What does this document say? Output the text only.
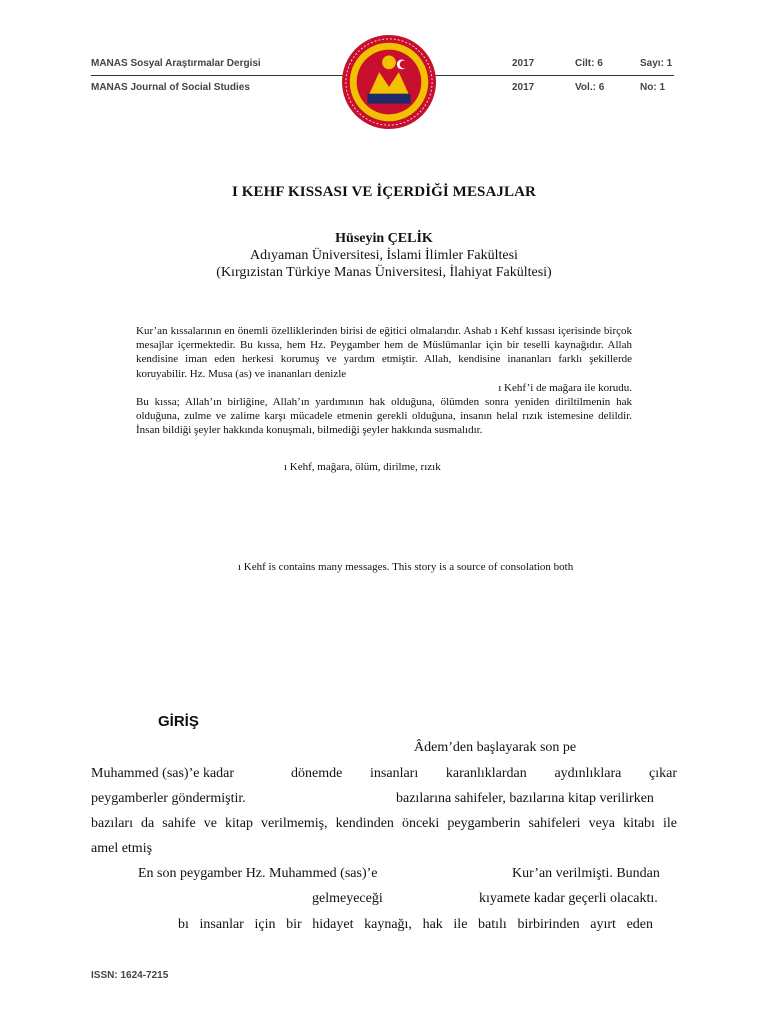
MANAS Sosyal Araştırmalar Dergisi	2017	Cilt: 6	Sayı: 1
MANAS Journal of Social Studies	2017	Vol.: 6	No: 1
I KEHF KISSASI VE İÇERDİĞİ MESAJLAR
Hüseyin ÇELİK
Adıyaman Üniversitesi, İslami İlimler Fakültesi
(Kırgızistan Türkiye Manas Üniversitesi, İlahiyat Fakültesi)

Kur’an kıssalarının en önemli özelliklerinden birisi de eğitici olmalarıdır. Ashab ı Kehf kıssası içerisinde birçok mesajlar içermektedir. Bu kıssa, hem Hz. Peygamber hem de Müslümanlar için bir teselli kaynağıdır. Allah kendisine iman eden herkesi korumuş ve yardım etmiştir. Allah, kendisine inananları farklı şekillerde koruyabilir. Hz. Musa (as) ve inananları denizle

ı Kehf’i de mağara ile korudu.

Bu kıssa; Allah’ın birliğine, Allah’ın yardımının hak olduğuna, ölümden sonra yeniden diriltilmenin hak olduğuna, zulme ve zalime karşı mücadele etmenin gerekli olduğuna, insanın helal rızık istemesine delildir. İnsan bildiği şeyler hakkında konuşmalı, bilmediği şeyler hakkında susmalıdır.

ı Kehf, mağara, ölüm, dirilme, rızık
ı Kehf is contains many messages. This story is a source of consolation both
GİRİŞ
Âdem’den başlayarak son pe
Muhammed (sas)’e kadar	dönemde insanları karanlıklardan aydınlıklara çıkar
peygamberler göndermiştir.	bazılarına sahifeler, bazılarına kitap verilirken
bazıları da sahife ve kitap verilmemiş, kendinden önceki peygamberin sahifeleri veya kitabı ile
amel etmiş
En son peygamber Hz. Muhammed (sas)’e	Kur’an verilmişti. Bundan
gelmeyeceği	kıyamete kadar geçerli olacaktı.
bı insanlar için bir hidayet kaynağı, hak ile batılı birbirinden ayırt eden
ISSN: 1624-7215
